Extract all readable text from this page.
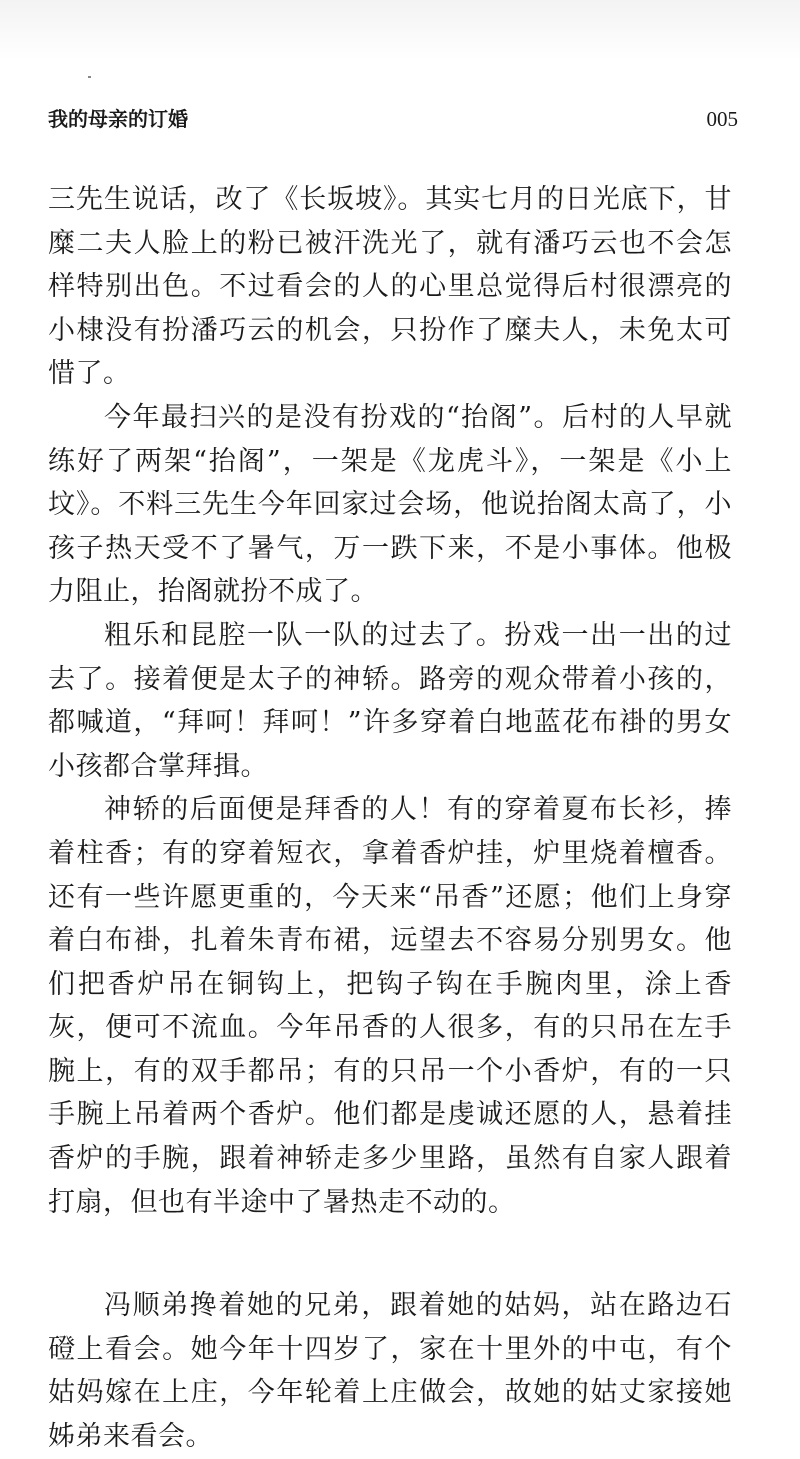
我的母亲的订婚	005

三先生说话，改了《长坂坡》。其实七月的日光底下，甘糜二夫人脸上的粉已被汗洗光了，就有潘巧云也不会怎样特别出色。不过看会的人的心里总觉得后村很漂亮的小棣没有扮潘巧云的机会，只扮作了糜夫人，未免太可惜了。

今年最扫兴的是没有扮戏的“抬阁”。后村的人早就练好了两架“抬阁”，一架是《龙虎斗》，一架是《小上坟》。不料三先生今年回家过会场，他说抬阁太高了，小孩子热天受不了暑气，万一跌下来，不是小事体。他极力阻止，抬阁就扮不成了。

粗乐和昆腔一队一队的过去了。扮戏一出一出的过去了。接着便是太子的神轿。路旁的观众带着小孩的，都喊道，“拜呵！拜呵！”许多穿着白地蓝花布褂的男女小孩都合掌拜揖。

神轿的后面便是拜香的人！有的穿着夏布长衫，捧着柱香；有的穿着短衣，拿着香炉挂，炉里烧着檀香。还有一些许愿更重的，今天来“吊香”还愿；他们上身穿着白布褂，扎着朱青布裙，远望去不容易分别男女。他们把香炉吊在铜钩上，把钩子钩在手腕肉里，涂上香灰，便可不流血。今年吊香的人很多，有的只吊在左手腕上，有的双手都吊；有的只吊一个小香炉，有的一只手腕上吊着两个香炉。他们都是虔诚还愿的人，悬着挂香炉的手腕，跟着神轿走多少里路，虽然有自家人跟着打扇，但也有半途中了暑热走不动的。

冯顺弟搀着她的兄弟，跟着她的姑妈，站在路边石磴上看会。她今年十四岁了，家在十里外的中屯，有个姑妈嫁在上庄，今年轮着上庄做会，故她的姑丈家接她姊弟来看会。
